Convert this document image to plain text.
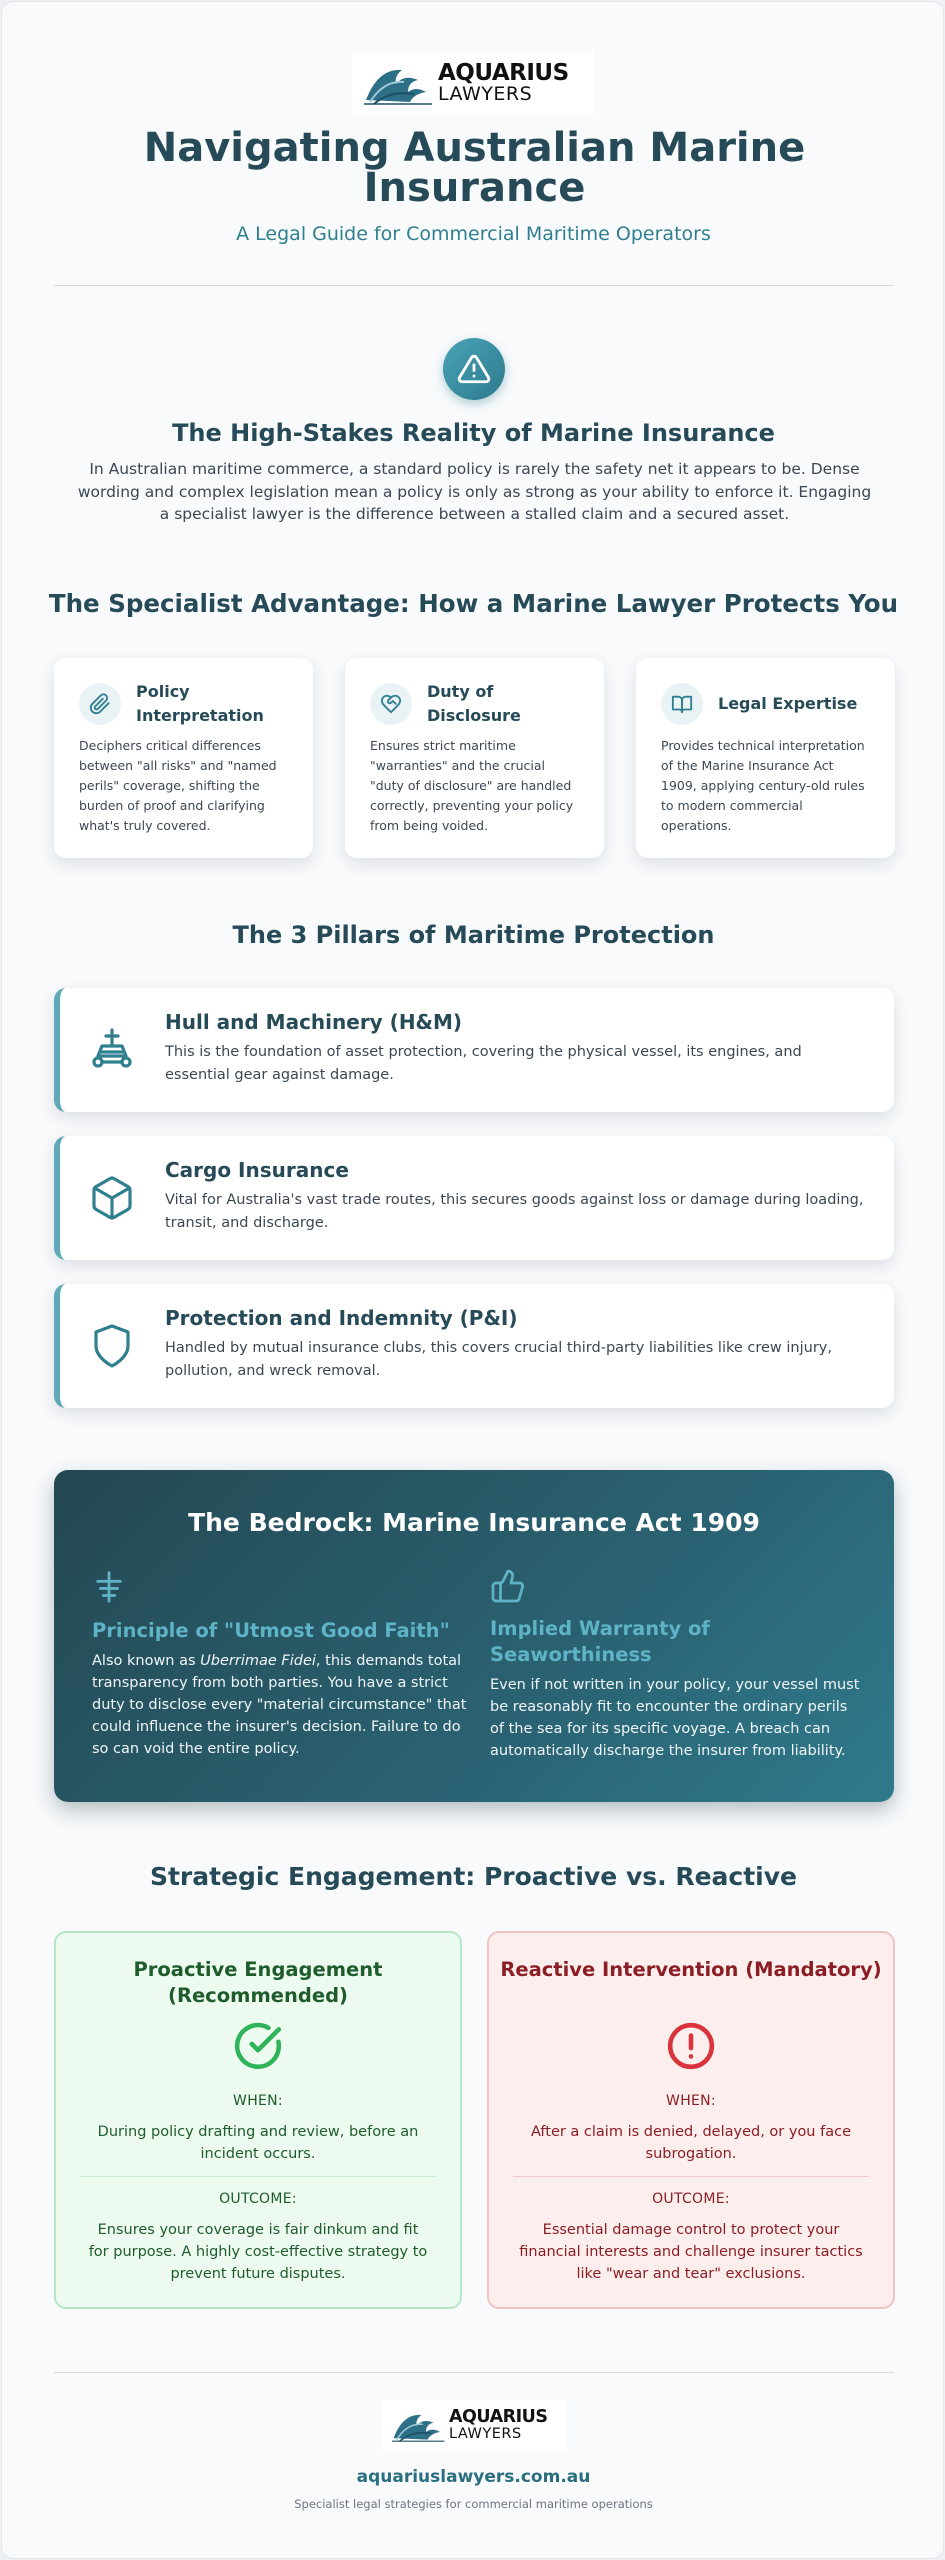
AQUARIUS
LAWYERS
Navigating Australian Marine Insurance
A Legal Guide for Commercial Maritime Operators
The High-Stakes Reality of Marine Insurance
In Australian maritime commerce, a standard policy is rarely the safety net it appears to be. Dense wording and complex legislation mean a policy is only as strong as your ability to enforce it. Engaging a specialist lawyer is the difference between a stalled claim and a secured asset.
The Specialist Advantage: How a Marine Lawyer Protects You
Policy Interpretation
Deciphers critical differences between "all risks" and "named perils" coverage, shifting the burden of proof and clarifying what's truly covered.
Duty of Disclosure
Ensures strict maritime "warranties" and the crucial "duty of disclosure" are handled correctly, preventing your policy from being voided.
Legal Expertise
Provides technical interpretation of the Marine Insurance Act 1909, applying century-old rules to modern commercial operations.
The 3 Pillars of Maritime Protection
Hull and Machinery (H&M)
This is the foundation of asset protection, covering the physical vessel, its engines, and essential gear against damage.
Cargo Insurance
Vital for Australia's vast trade routes, this secures goods against loss or damage during loading, transit, and discharge.
Protection and Indemnity (P&I)
Handled by mutual insurance clubs, this covers crucial third-party liabilities like crew injury, pollution, and wreck removal.
The Bedrock: Marine Insurance Act 1909
Principle of "Utmost Good Faith"
Also known as Uberrimae Fidei, this demands total transparency from both parties. You have a strict duty to disclose every "material circumstance" that could influence the insurer's decision. Failure to do so can void the entire policy.
Implied Warranty of Seaworthiness
Even if not written in your policy, your vessel must be reasonably fit to encounter the ordinary perils of the sea for its specific voyage. A breach can automatically discharge the insurer from liability.
Strategic Engagement: Proactive vs. Reactive
Proactive Engagement (Recommended)
WHEN:
During policy drafting and review, before an incident occurs.
OUTCOME:
Ensures your coverage is fair dinkum and fit for purpose. A highly cost-effective strategy to prevent future disputes.
Reactive Intervention (Mandatory)
WHEN:
After a claim is denied, delayed, or you face subrogation.
OUTCOME:
Essential damage control to protect your financial interests and challenge insurer tactics like "wear and tear" exclusions.
AQUARIUS
LAWYERS
aquariuslawyers.com.au
Specialist legal strategies for commercial maritime operations
